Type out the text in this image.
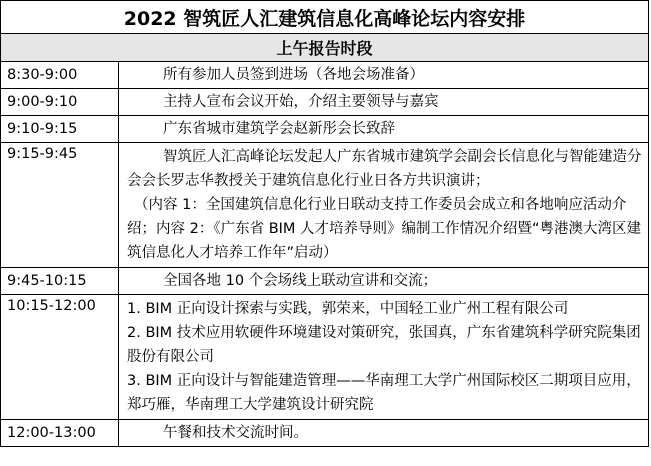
2022 智筑匠人汇建筑信息化高峰论坛内容安排	
上午报告时段	
8:30-9:00	所有参加人员签到进场（各地会场准备）

9:00-9:10	主持人宣布会议开始，介绍主要领导与嘉宾

9:10-9:15	广东省城市建筑学会赵新彤会长致辞

9:15-9:45	智筑匠人汇高峰论坛发起人广东省城市建筑学会副会长信息化与智能建造分会会长罗志华教授关于建筑信息化行业日各方共识演讲；

（内容 1：全国建筑信息化行业日联动支持工作委员会成立和各地响应活动介绍；内容 2：《广东省 BIM 人才培养导则》编制工作情况介绍暨“粤港澳大湾区建筑信息化人才培养工作年”启动）

9:45-10:15	全国各地 10 个会场线上联动宣讲和交流；

10:15-12:00	1. BIM 正向设计探索与实践，郭荣来，中国轻工业广州工程有限公司

2. BIM 技术应用软硬件环境建设对策研究，张国真，广东省建筑科学研究院集团股份有限公司

3. BIM 正向设计与智能建造管理——华南理工大学广州国际校区二期项目应用，郑巧雁，华南理工大学建筑设计研究院

12:00-13:00	午餐和技术交流时间。
